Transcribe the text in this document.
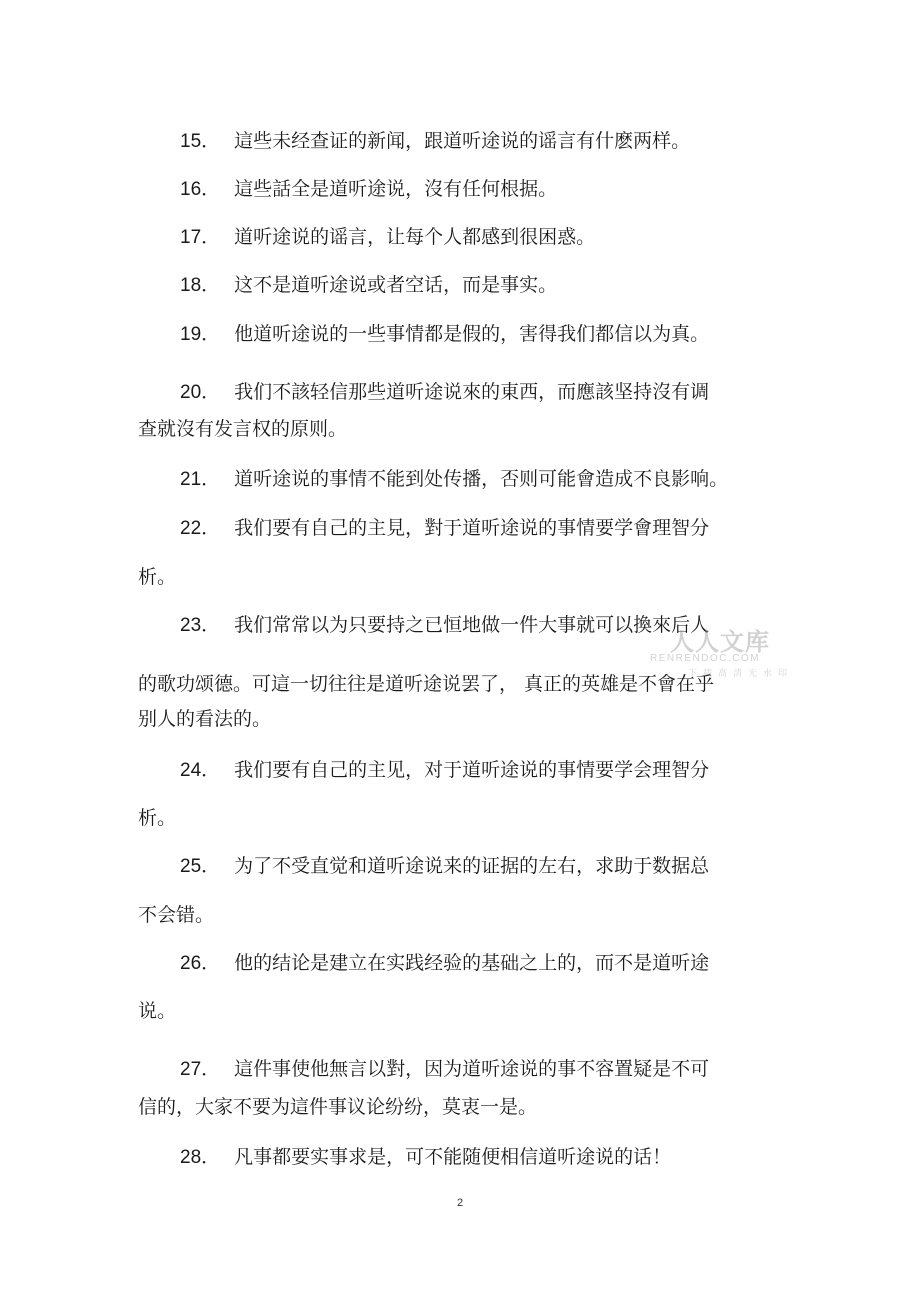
15． 這些未经查证的新闻，跟道听途说的谣言有什麽两样。
16． 這些話全是道听途说，沒有任何根据。
17． 道听途说的谣言，让每个人都感到很困惑。
18． 这不是道听途说或者空话，而是事实。
19． 他道听途说的一些事情都是假的，害得我们都信以为真。
20． 我们不該轻信那些道听途说來的東西，而應該坚持沒有调
查就沒有发言权的原则。
21． 道听途说的事情不能到处传播，否则可能會造成不良影响。
22． 我们要有自己的主見，對于道听途说的事情要学會理智分
析。
23． 我们常常以为只要持之已恒地做一件大事就可以換來后人
的歌功颂德。可這一切往往是道听途说罢了， 真正的英雄是不會在乎
别人的看法的。
24． 我们要有自己的主见，对于道听途说的事情要学会理智分
析。
25． 为了不受直觉和道听途说来的证据的左右，求助于数据总
不会错。
26． 他的结论是建立在实践经验的基础之上的，而不是道听途
说。
27． 這件事使他無言以對，因为道听途说的事不容置疑是不可
信的，大家不要为這件事议论纷纷，莫衷一是。
28． 凡事都要实事求是，可不能随便相信道听途说的话！
人人文库
RENRENDOC.COM
下载高清无水印
2
